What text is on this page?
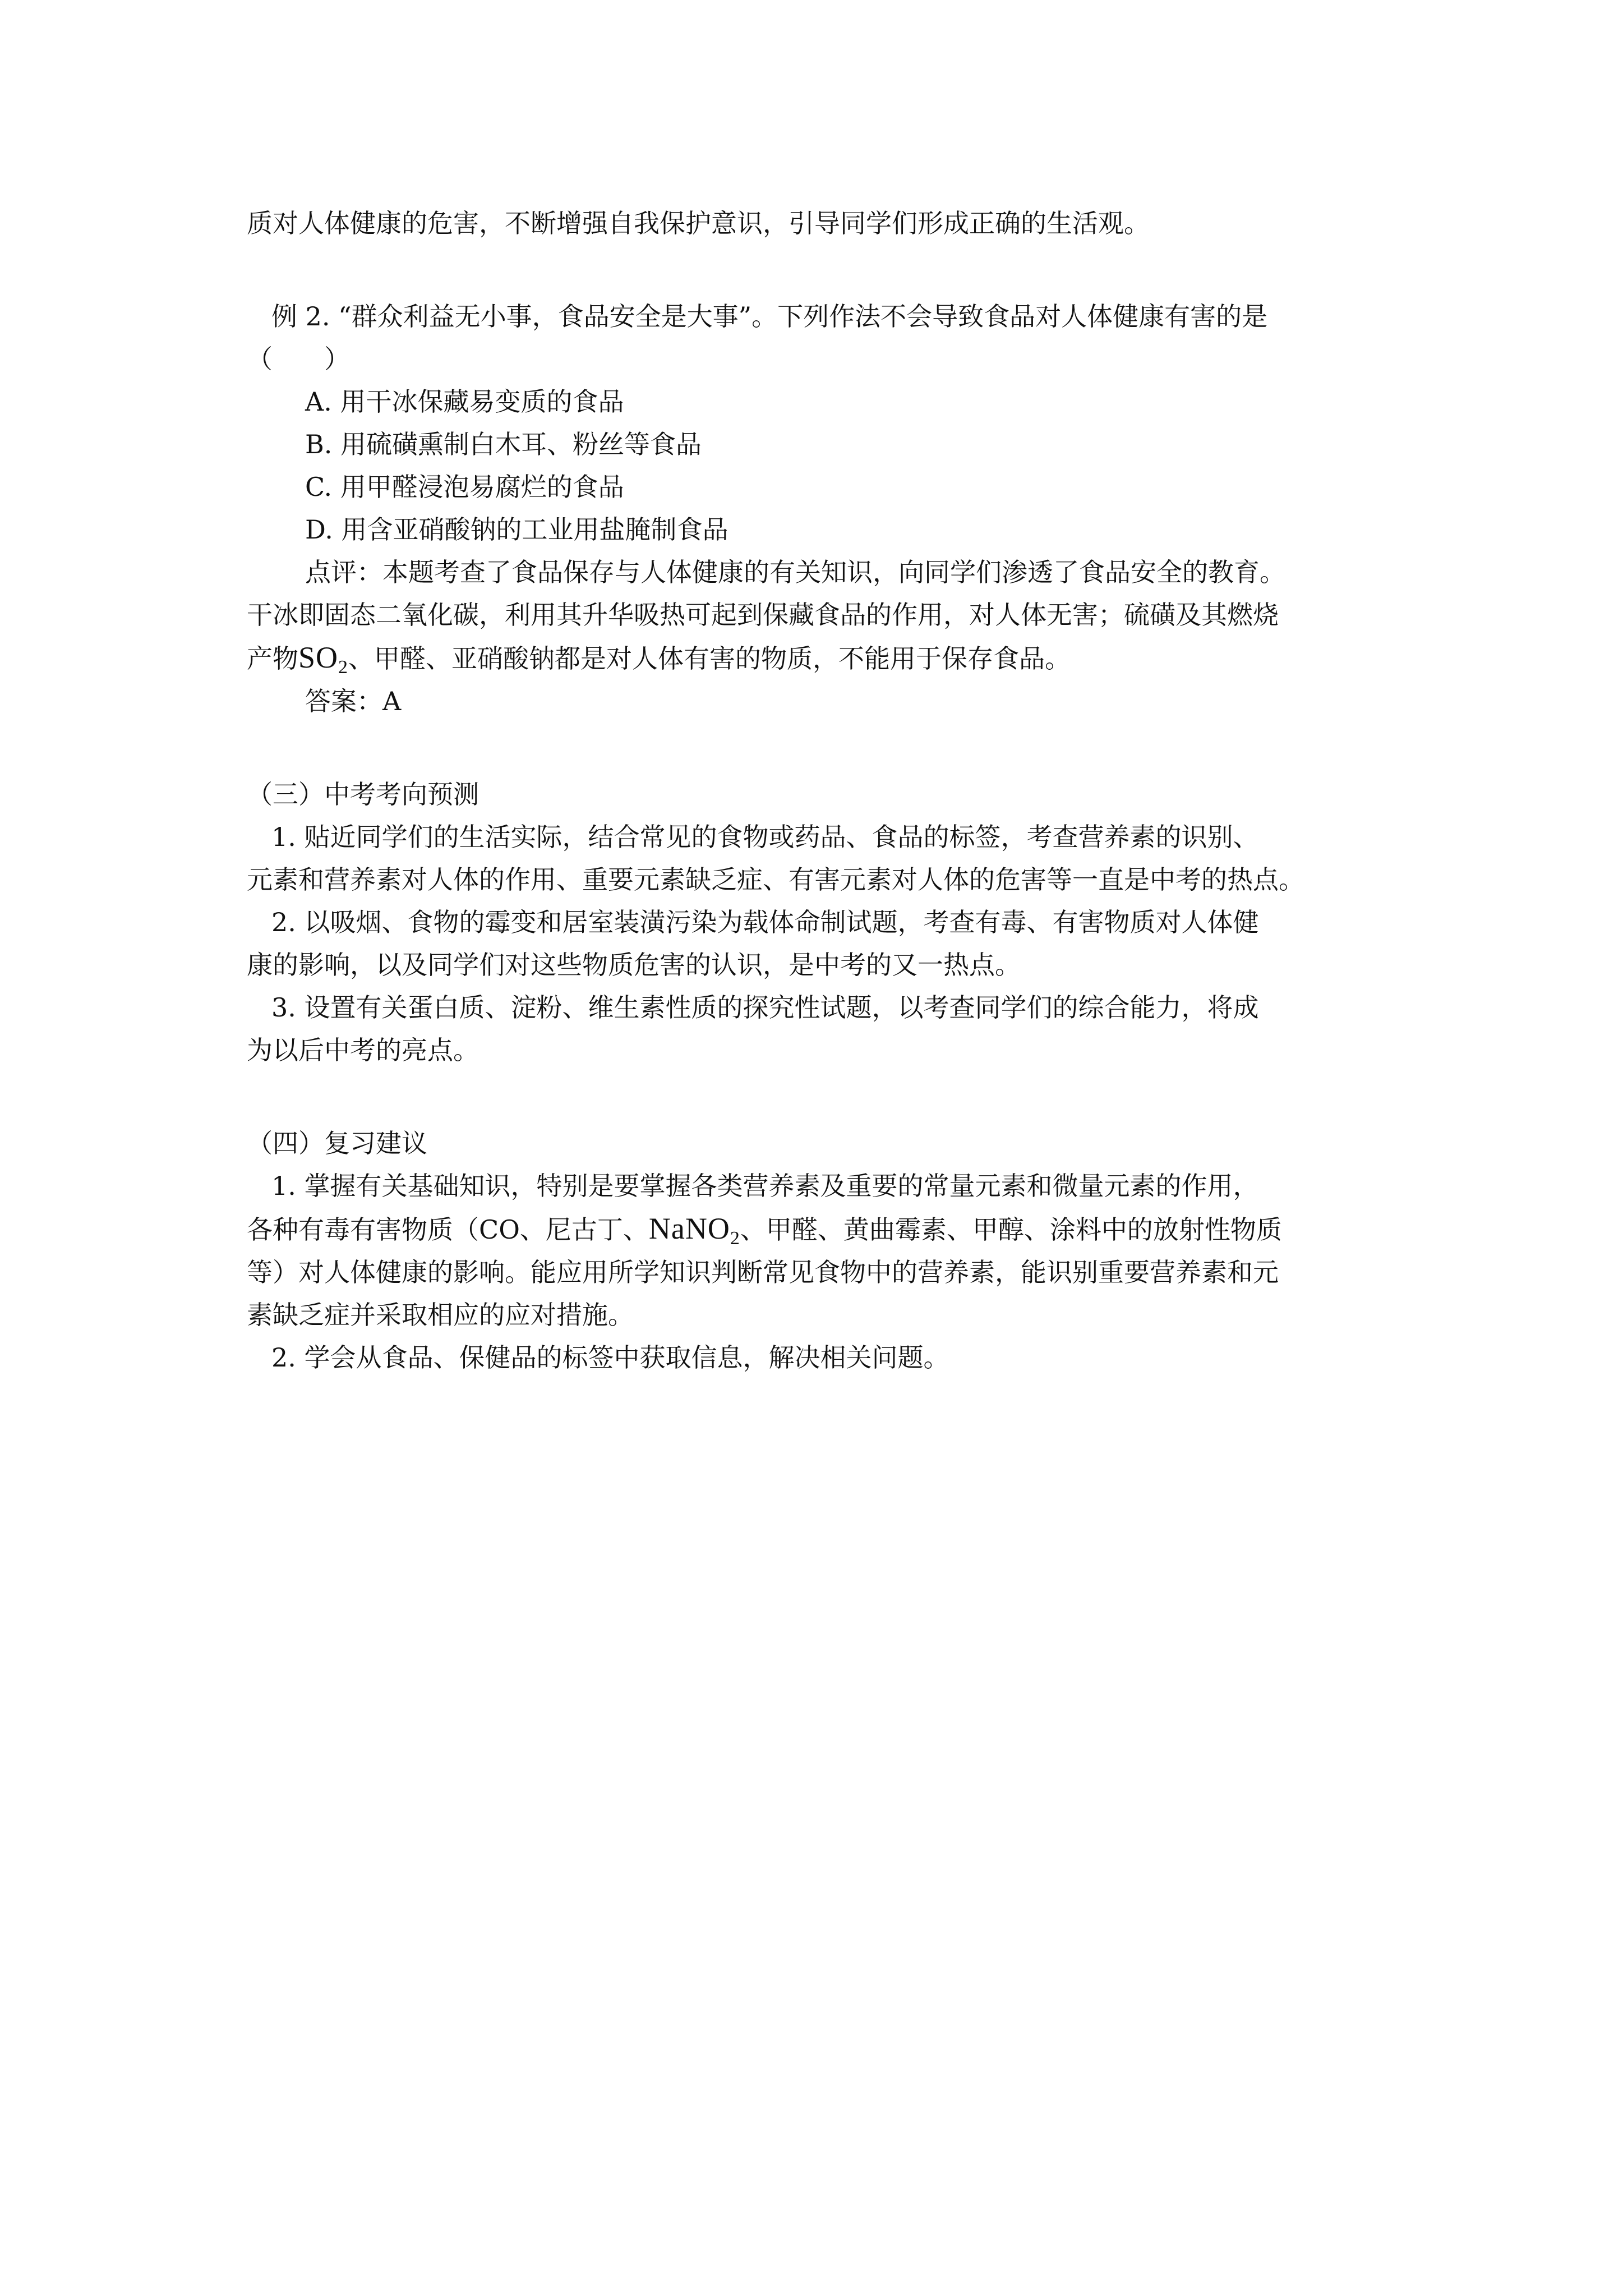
质对人体健康的危害，不断增强自我保护意识，引导同学们形成正确的生活观。

例 2. “群众利益无小事，食品安全是大事”。下列作法不会导致食品对人体健康有害的是

（　　）

A. 用干冰保藏易变质的食品

B. 用硫磺熏制白木耳、粉丝等食品

C. 用甲醛浸泡易腐烂的食品

D. 用含亚硝酸钠的工业用盐腌制食品

点评：本题考查了食品保存与人体健康的有关知识，向同学们渗透了食品安全的教育。

干冰即固态二氧化碳，利用其升华吸热可起到保藏食品的作用，对人体无害；硫磺及其燃烧

产物$SO_2$、甲醛、亚硝酸钠都是对人体有害的物质，不能用于保存食品。

答案：A

（三）中考考向预测

1. 贴近同学们的生活实际，结合常见的食物或药品、食品的标签，考查营养素的识别、

元素和营养素对人体的作用、重要元素缺乏症、有害元素对人体的危害等一直是中考的热点。

2. 以吸烟、食物的霉变和居室装潢污染为载体命制试题，考查有毒、有害物质对人体健

康的影响，以及同学们对这些物质危害的认识，是中考的又一热点。

3. 设置有关蛋白质、淀粉、维生素性质的探究性试题，以考查同学们的综合能力，将成

为以后中考的亮点。

（四）复习建议

1. 掌握有关基础知识，特别是要掌握各类营养素及重要的常量元素和微量元素的作用，

各种有毒有害物质（CO、尼古丁、NaNO$_2$、甲醛、黄曲霉素、甲醇、涂料中的放射性物质

等）对人体健康的影响。能应用所学知识判断常见食物中的营养素，能识别重要营养素和元

素缺乏症并采取相应的应对措施。

2. 学会从食品、保健品的标签中获取信息，解决相关问题。
